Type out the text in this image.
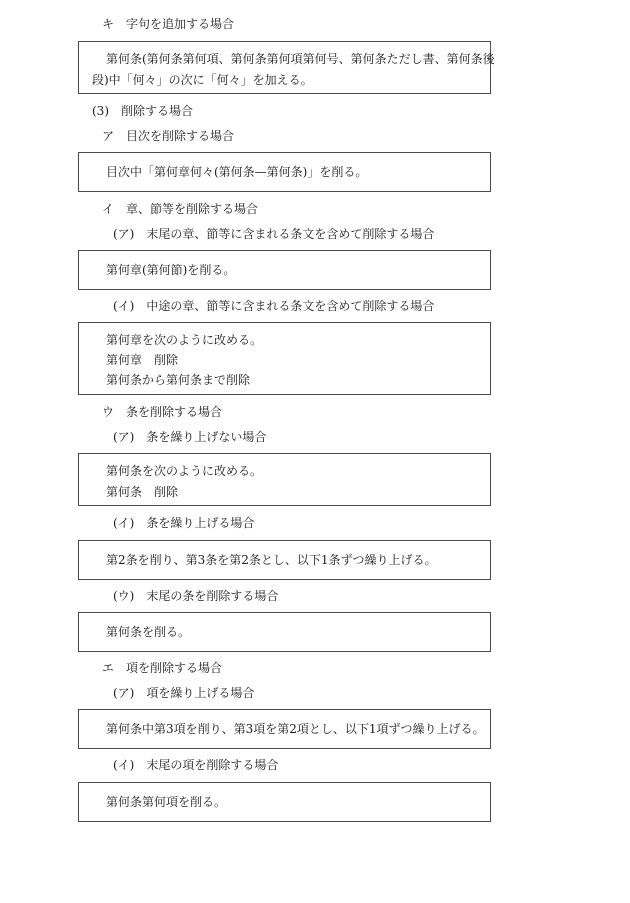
キ　字句を追加する場合
第何条(第何条第何項、第何条第何項第何号、第何条ただし書、第何条後
段)中「何々」の次に「何々」を加える。
(3)　削除する場合
ア　目次を削除する場合
目次中「第何章何々(第何条—第何条)」を削る。
イ　章、節等を削除する場合
(ア)　末尾の章、節等に含まれる条文を含めて削除する場合
第何章(第何節)を削る。
(イ)　中途の章、節等に含まれる条文を含めて削除する場合
第何章を次のように改める。
第何章　削除
第何条から第何条まで削除
ウ　条を削除する場合
(ア)　条を繰り上げない場合
第何条を次のように改める。
第何条　削除
(イ)　条を繰り上げる場合
第2条を削り、第3条を第2条とし、以下1条ずつ繰り上げる。
(ウ)　末尾の条を削除する場合
第何条を削る。
エ　項を削除する場合
(ア)　項を繰り上げる場合
第何条中第3項を削り、第3項を第2項とし、以下1項ずつ繰り上げる。
(イ)　末尾の項を削除する場合
第何条第何項を削る。
